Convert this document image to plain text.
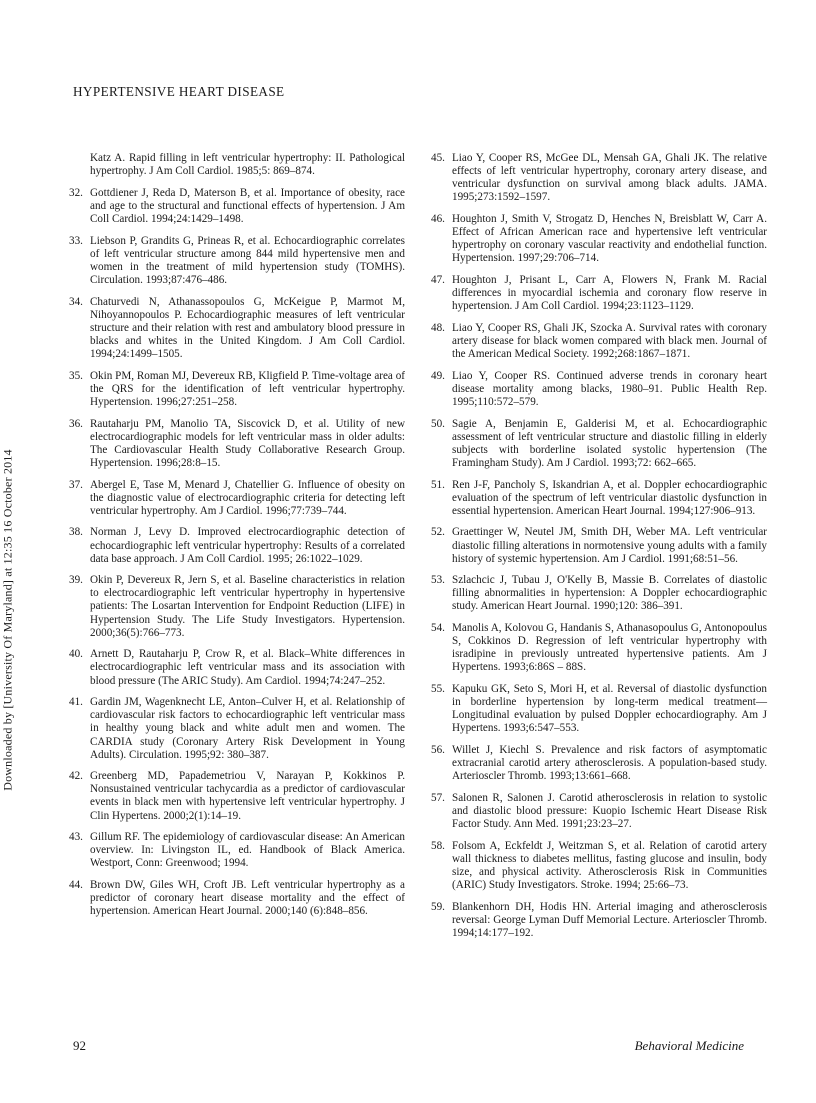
HYPERTENSIVE HEART DISEASE
Downloaded by [University Of Maryland] at 12:35 16 October 2014
Katz A. Rapid filling in left ventricular hypertrophy: II. Pathological hypertrophy. J Am Coll Cardiol. 1985;5: 869–874.
32. Gottdiener J, Reda D, Materson B, et al. Importance of obesity, race and age to the structural and functional effects of hypertension. J Am Coll Cardiol. 1994;24:1429–1498.
33. Liebson P, Grandits G, Prineas R, et al. Echocardiographic correlates of left ventricular structure among 844 mild hypertensive men and women in the treatment of mild hypertension study (TOMHS). Circulation. 1993;87:476–486.
34. Chaturvedi N, Athanassopoulos G, McKeigue P, Marmot M, Nihoyannopoulos P. Echocardiographic measures of left ventricular structure and their relation with rest and ambulatory blood pressure in blacks and whites in the United Kingdom. J Am Coll Cardiol. 1994;24:1499–1505.
35. Okin PM, Roman MJ, Devereux RB, Kligfield P. Time-voltage area of the QRS for the identification of left ventricular hypertrophy. Hypertension. 1996;27:251–258.
36. Rautaharju PM, Manolio TA, Siscovick D, et al. Utility of new electrocardiographic models for left ventricular mass in older adults: The Cardiovascular Health Study Collaborative Research Group. Hypertension. 1996;28:8–15.
37. Abergel E, Tase M, Menard J, Chatellier G. Influence of obesity on the diagnostic value of electrocardiographic criteria for detecting left ventricular hypertrophy. Am J Cardiol. 1996;77:739–744.
38. Norman J, Levy D. Improved electrocardiographic detection of echocardiographic left ventricular hypertrophy: Results of a correlated data base approach. J Am Coll Cardiol. 1995; 26:1022–1029.
39. Okin P, Devereux R, Jern S, et al. Baseline characteristics in relation to electrocardiographic left ventricular hypertrophy in hypertensive patients: The Losartan Intervention for Endpoint Reduction (LIFE) in Hypertension Study. The Life Study Investigators. Hypertension. 2000;36(5):766–773.
40. Arnett D, Rautaharju P, Crow R, et al. Black–White differences in electrocardiographic left ventricular mass and its association with blood pressure (The ARIC Study). Am Cardiol. 1994;74:247–252.
41. Gardin JM, Wagenknecht LE, Anton–Culver H, et al. Relationship of cardiovascular risk factors to echocardiographic left ventricular mass in healthy young black and white adult men and women. The CARDIA study (Coronary Artery Risk Development in Young Adults). Circulation. 1995;92: 380–387.
42. Greenberg MD, Papademetriou V, Narayan P, Kokkinos P. Nonsustained ventricular tachycardia as a predictor of cardiovascular events in black men with hypertensive left ventricular hypertrophy. J Clin Hypertens. 2000;2(1):14–19.
43. Gillum RF. The epidemiology of cardiovascular disease: An American overview. In: Livingston IL, ed. Handbook of Black America. Westport, Conn: Greenwood; 1994.
44. Brown DW, Giles WH, Croft JB. Left ventricular hypertrophy as a predictor of coronary heart disease mortality and the effect of hypertension. American Heart Journal. 2000;140 (6):848–856.
45. Liao Y, Cooper RS, McGee DL, Mensah GA, Ghali JK. The relative effects of left ventricular hypertrophy, coronary artery disease, and ventricular dysfunction on survival among black adults. JAMA. 1995;273:1592–1597.
46. Houghton J, Smith V, Strogatz D, Henches N, Breisblatt W, Carr A. Effect of African American race and hypertensive left ventricular hypertrophy on coronary vascular reactivity and endothelial function. Hypertension. 1997;29:706–714.
47. Houghton J, Prisant L, Carr A, Flowers N, Frank M. Racial differences in myocardial ischemia and coronary flow reserve in hypertension. J Am Coll Cardiol. 1994;23:1123–1129.
48. Liao Y, Cooper RS, Ghali JK, Szocka A. Survival rates with coronary artery disease for black women compared with black men. Journal of the American Medical Society. 1992;268:1867–1871.
49. Liao Y, Cooper RS. Continued adverse trends in coronary heart disease mortality among blacks, 1980–91. Public Health Rep. 1995;110:572–579.
50. Sagie A, Benjamin E, Galderisi M, et al. Echocardiographic assessment of left ventricular structure and diastolic filling in elderly subjects with borderline isolated systolic hypertension (The Framingham Study). Am J Cardiol. 1993;72: 662–665.
51. Ren J-F, Pancholy S, Iskandrian A, et al. Doppler echocardiographic evaluation of the spectrum of left ventricular diastolic dysfunction in essential hypertension. American Heart Journal. 1994;127:906–913.
52. Graettinger W, Neutel JM, Smith DH, Weber MA. Left ventricular diastolic filling alterations in normotensive young adults with a family history of systemic hypertension. Am J Cardiol. 1991;68:51–56.
53. Szlachcic J, Tubau J, O'Kelly B, Massie B. Correlates of diastolic filling abnormalities in hypertension: A Doppler echocardiographic study. American Heart Journal. 1990;120: 386–391.
54. Manolis A, Kolovou G, Handanis S, Athanasopoulus G, Antonopoulus S, Cokkinos D. Regression of left ventricular hypertrophy with isradipine in previously untreated hypertensive patients. Am J Hypertens. 1993;6:86S – 88S.
55. Kapuku GK, Seto S, Mori H, et al. Reversal of diastolic dysfunction in borderline hypertension by long-term medical treatment—Longitudinal evaluation by pulsed Doppler echocardiography. Am J Hypertens. 1993;6:547–553.
56. Willet J, Kiechl S. Prevalence and risk factors of asymptomatic extracranial carotid artery atherosclerosis. A population-based study. Arterioscler Thromb. 1993;13:661–668.
57. Salonen R, Salonen J. Carotid atherosclerosis in relation to systolic and diastolic blood pressure: Kuopio Ischemic Heart Disease Risk Factor Study. Ann Med. 1991;23:23–27.
58. Folsom A, Eckfeldt J, Weitzman S, et al. Relation of carotid artery wall thickness to diabetes mellitus, fasting glucose and insulin, body size, and physical activity. Atherosclerosis Risk in Communities (ARIC) Study Investigators. Stroke. 1994; 25:66–73.
59. Blankenhorn DH, Hodis HN. Arterial imaging and atherosclerosis reversal: George Lyman Duff Memorial Lecture. Arterioscler Thromb. 1994;14:177–192.
92	Behavioral Medicine
